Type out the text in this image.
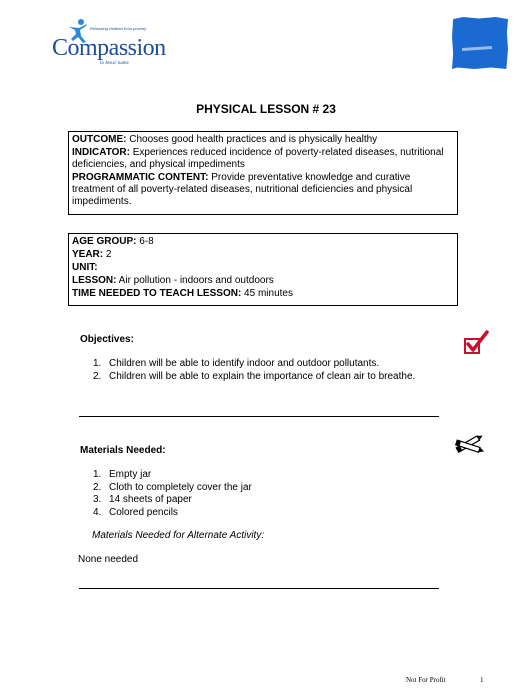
Releasing children from poverty
Compassion
in Jesus' name
PHYSICAL LESSON # 23

OUTCOME: Chooses good health practices and is physically healthy

INDICATOR: Experiences reduced incidence of poverty-related diseases, nutritional deficiencies, and physical impediments

PROGRAMMATIC CONTENT: Provide preventative knowledge and curative treatment of all poverty-related diseases, nutritional deficiencies and physical impediments.

AGE GROUP: 6-8

YEAR: 2

UNIT:

LESSON: Air pollution - indoors and outdoors

TIME NEEDED TO TEACH LESSON: 45 minutes

Objectives:
1. Children will be able to identify indoor and outdoor pollutants.
2. Children will be able to explain the importance of clean air to breathe.
Materials Needed:
1. Empty jar
2. Cloth to completely cover the jar
3. 14 sheets of paper
4. Colored pencils
Materials Needed for Alternate Activity:
None needed
Not For Profit	1
